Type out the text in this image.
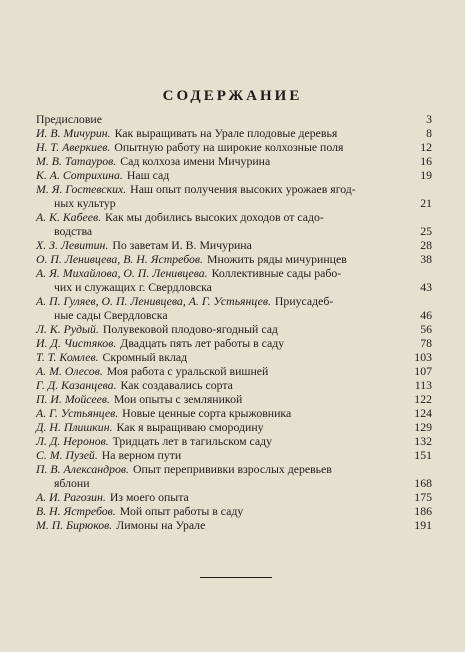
СОДЕРЖАНИЕ
Предисловие	3
И. В. Мичурин. Как выращивать на Урале плодовые деревья	8
Н. Т. Аверкиев. Опытную работу на широкие колхозные поля	12
М. В. Татауров. Сад колхоза имени Мичурина	16
К. А. Сотрихина. Наш сад	19
М. Я. Гостевских. Наш опыт получения высоких урожаев ягод-
ных культур	21
А. К. Кабеев. Как мы добились высоких доходов от садо-
водства	25
Х. З. Левитин. По заветам И. В. Мичурина	28
О. П. Ленивцева, В. Н. Ястребов. Множить ряды мичуринцев	38
А. Я. Михайлова, О. П. Ленивцева. Коллективные сады рабо-
чих и служащих г. Свердловска	43
А. П. Гуляев, О. П. Ленивцева, А. Г. Устьянцев. Приусадеб-
ные сады Свердловска	46
Л. К. Рудый. Полувековой плодово-ягодный сад	56
И. Д. Чистяков. Двадцать пять лет работы в саду	78
Т. Т. Комлев. Скромный вклад	103
А. М. Олесов. Моя работа с уральской вишней	107
Г. Д. Казанцева. Как создавались сорта	113
П. И. Мойсеев. Мои опыты с земляникой	122
А. Г. Устьянцев. Новые ценные сорта крыжовника	124
Д. Н. Плишкин. Как я выращиваю смородину	129
Л. Д. Неронов. Тридцать лет в тагильском саду	132
С. М. Пузей. На верном пути	151
П. В. Александров. Опыт перепрививки взрослых деревьев
яблони	168
А. И. Рагозин. Из моего опыта	175
В. Н. Ястребов. Мой опыт работы в саду	186
М. П. Бирюков. Лимоны на Урале	191
